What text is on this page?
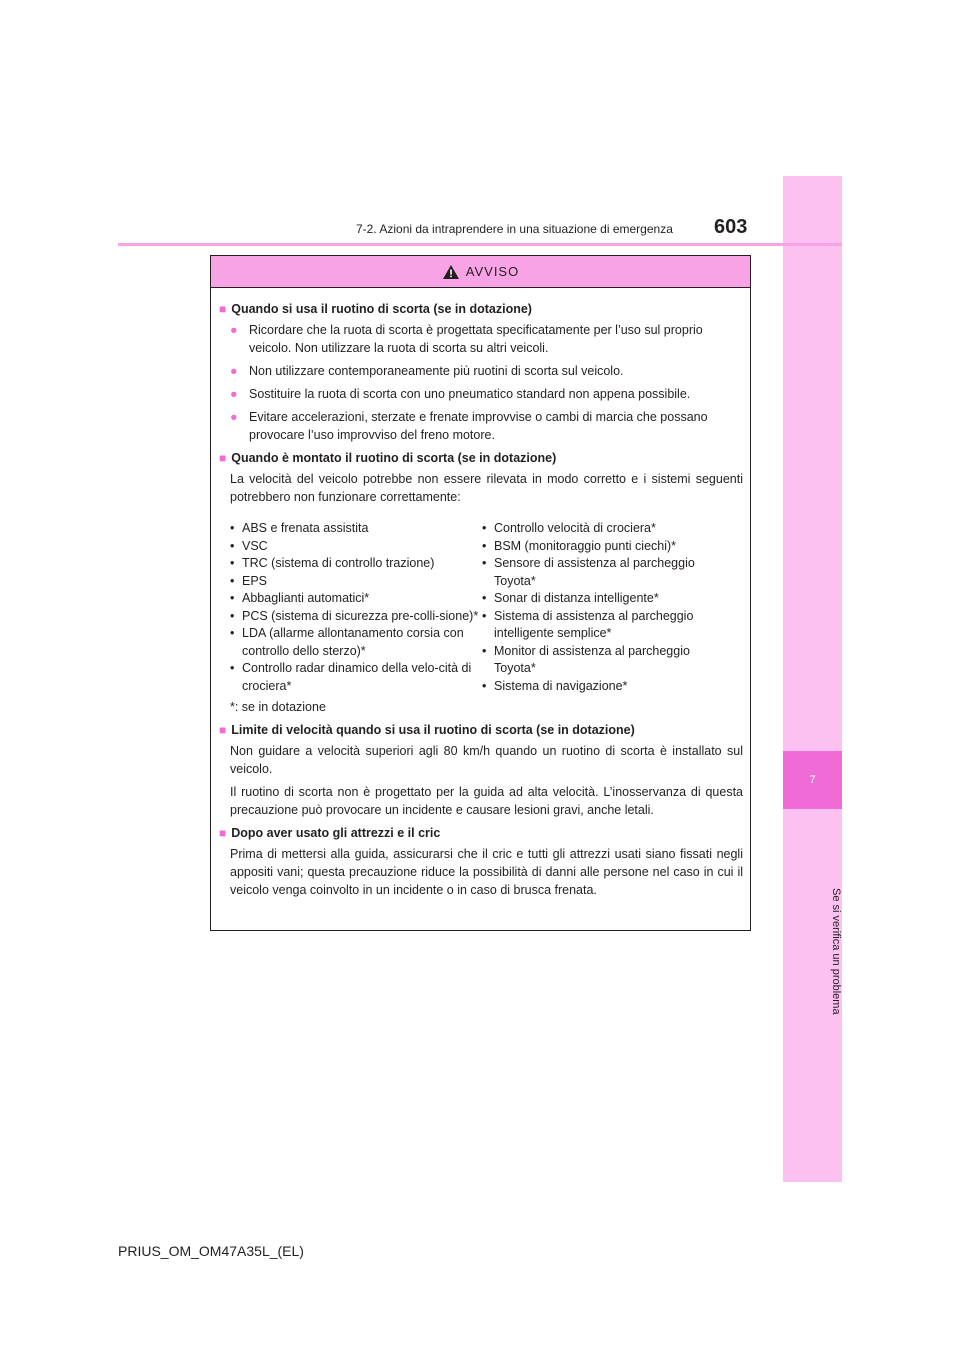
7
Se si verifica un problema
7-2. Azioni da intraprendere in una situazione di emergenza 603
AVVISO

■ Quando si usa il ruotino di scorta (se in dotazione)

● Ricordare che la ruota di scorta è progettata specificatamente per l’uso sul proprio veicolo. Non utilizzare la ruota di scorta su altri veicoli.
● Non utilizzare contemporaneamente più ruotini di scorta sul veicolo.
● Sostituire la ruota di scorta con uno pneumatico standard non appena possibile.
● Evitare accelerazioni, sterzate e frenate improvvise o cambi di marcia che possano provocare l’uso improvviso del freno motore.

■ Quando è montato il ruotino di scorta (se in dotazione)

La velocità del veicolo potrebbe non essere rilevata in modo corretto e i sistemi seguenti potrebbero non funzionare correttamente:
• ABS e frenata assistita
• VSC
• TRC (sistema di controllo trazione)
• EPS
• Abbaglianti automatici*
• PCS (sistema di sicurezza pre-colli-sione)*
• LDA (allarme allontanamento corsia con controllo dello sterzo)*
• Controllo radar dinamico della velo-cità di crociera*
• Controllo velocità di crociera*
• BSM (monitoraggio punti ciechi)*
• Sensore di assistenza al parcheggio Toyota*
• Sonar di distanza intelligente*
• Sistema di assistenza al parcheggio intelligente semplice*
• Monitor di assistenza al parcheggio Toyota*
• Sistema di navigazione*
*: se in dotazione

■ Limite di velocità quando si usa il ruotino di scorta (se in dotazione)

Non guidare a velocità superiori agli 80 km/h quando un ruotino di scorta è installato sul veicolo.
Il ruotino di scorta non è progettato per la guida ad alta velocità. L’inosservanza di questa precauzione può provocare un incidente e causare lesioni gravi, anche letali.

■ Dopo aver usato gli attrezzi e il cric

Prima di mettersi alla guida, assicurarsi che il cric e tutti gli attrezzi usati siano fissati negli appositi vani; questa precauzione riduce la possibilità di danni alle persone nel caso in cui il veicolo venga coinvolto in un incidente o in caso di brusca frenata.
PRIUS_OM_OM47A35L_(EL)
